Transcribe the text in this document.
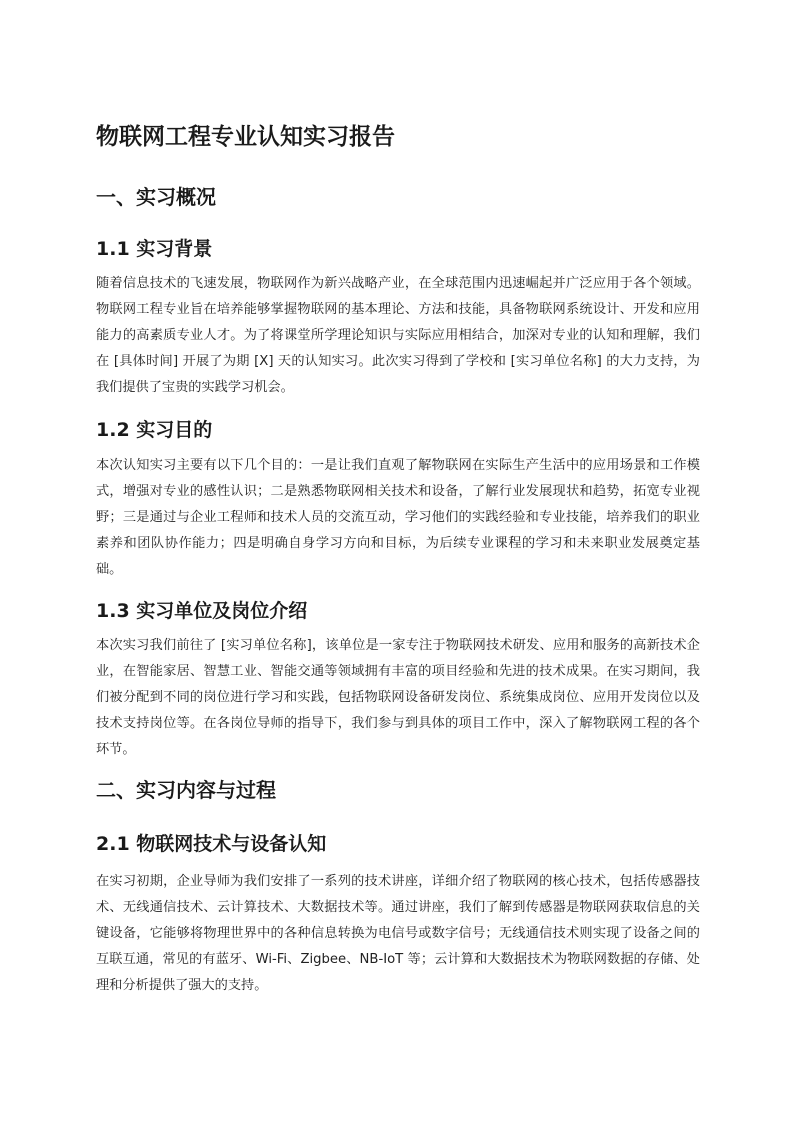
物联网工程专业认知实习报告
一、实习概况
1.1 实习背景

随着信息技术的飞速发展，物联网作为新兴战略产业，在全球范围内迅速崛起并广泛应用于各个领域。物联网工程专业旨在培养能够掌握物联网的基本理论、方法和技能，具备物联网系统设计、开发和应用能力的高素质专业人才。为了将课堂所学理论知识与实际应用相结合，加深对专业的认知和理解，我们在 [具体时间] 开展了为期 [X] 天的认知实习。此次实习得到了学校和 [实习单位名称] 的大力支持，为我们提供了宝贵的实践学习机会。

1.2 实习目的

本次认知实习主要有以下几个目的：一是让我们直观了解物联网在实际生产生活中的应用场景和工作模式，增强对专业的感性认识；二是熟悉物联网相关技术和设备，了解行业发展现状和趋势，拓宽专业视野；三是通过与企业工程师和技术人员的交流互动，学习他们的实践经验和专业技能，培养我们的职业素养和团队协作能力；四是明确自身学习方向和目标，为后续专业课程的学习和未来职业发展奠定基础。

1.3 实习单位及岗位介绍

本次实习我们前往了 [实习单位名称]，该单位是一家专注于物联网技术研发、应用和服务的高新技术企业，在智能家居、智慧工业、智能交通等领域拥有丰富的项目经验和先进的技术成果。在实习期间，我们被分配到不同的岗位进行学习和实践，包括物联网设备研发岗位、系统集成岗位、应用开发岗位以及技术支持岗位等。在各岗位导师的指导下，我们参与到具体的项目工作中，深入了解物联网工程的各个环节。

二、实习内容与过程
2.1 物联网技术与设备认知

在实习初期，企业导师为我们安排了一系列的技术讲座，详细介绍了物联网的核心技术，包括传感器技术、无线通信技术、云计算技术、大数据技术等。通过讲座，我们了解到传感器是物联网获取信息的关键设备，它能够将物理世界中的各种信息转换为电信号或数字信号；无线通信技术则实现了设备之间的互联互通，常见的有蓝牙、Wi-Fi、Zigbee、NB-IoT 等；云计算和大数据技术为物联网数据的存储、处理和分析提供了强大的支持。
